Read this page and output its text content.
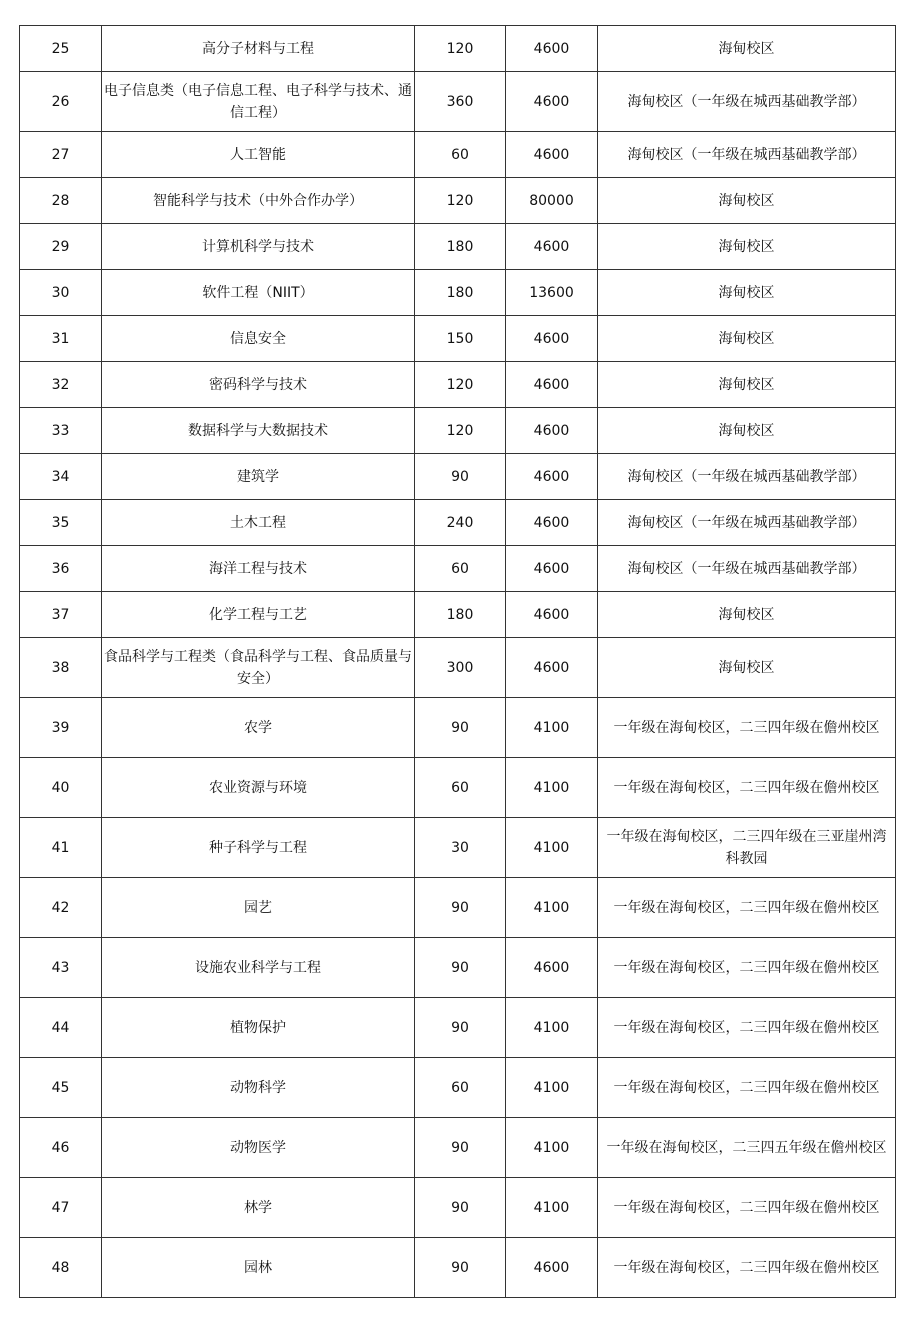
25	高分子材料与工程	120	4600	海甸校区
26	电子信息类（电子信息工程、电子科学与技术、通信工程）	360	4600	海甸校区（一年级在城西基础教学部）
27	人工智能	60	4600	海甸校区（一年级在城西基础教学部）
28	智能科学与技术（中外合作办学）	120	80000	海甸校区
29	计算机科学与技术	180	4600	海甸校区
30	软件工程（NIIT）	180	13600	海甸校区
31	信息安全	150	4600	海甸校区
32	密码科学与技术	120	4600	海甸校区
33	数据科学与大数据技术	120	4600	海甸校区
34	建筑学	90	4600	海甸校区（一年级在城西基础教学部）
35	土木工程	240	4600	海甸校区（一年级在城西基础教学部）
36	海洋工程与技术	60	4600	海甸校区（一年级在城西基础教学部）
37	化学工程与工艺	180	4600	海甸校区
38	食品科学与工程类（食品科学与工程、食品质量与安全）	300	4600	海甸校区
39	农学	90	4100	一年级在海甸校区，二三四年级在儋州校区
40	农业资源与环境	60	4100	一年级在海甸校区，二三四年级在儋州校区
41	种子科学与工程	30	4100	一年级在海甸校区，二三四年级在三亚崖州湾科教园
42	园艺	90	4100	一年级在海甸校区，二三四年级在儋州校区
43	设施农业科学与工程	90	4600	一年级在海甸校区，二三四年级在儋州校区
44	植物保护	90	4100	一年级在海甸校区，二三四年级在儋州校区
45	动物科学	60	4100	一年级在海甸校区，二三四年级在儋州校区
46	动物医学	90	4100	一年级在海甸校区，二三四五年级在儋州校区
47	林学	90	4100	一年级在海甸校区，二三四年级在儋州校区
48	园林	90	4600	一年级在海甸校区，二三四年级在儋州校区
